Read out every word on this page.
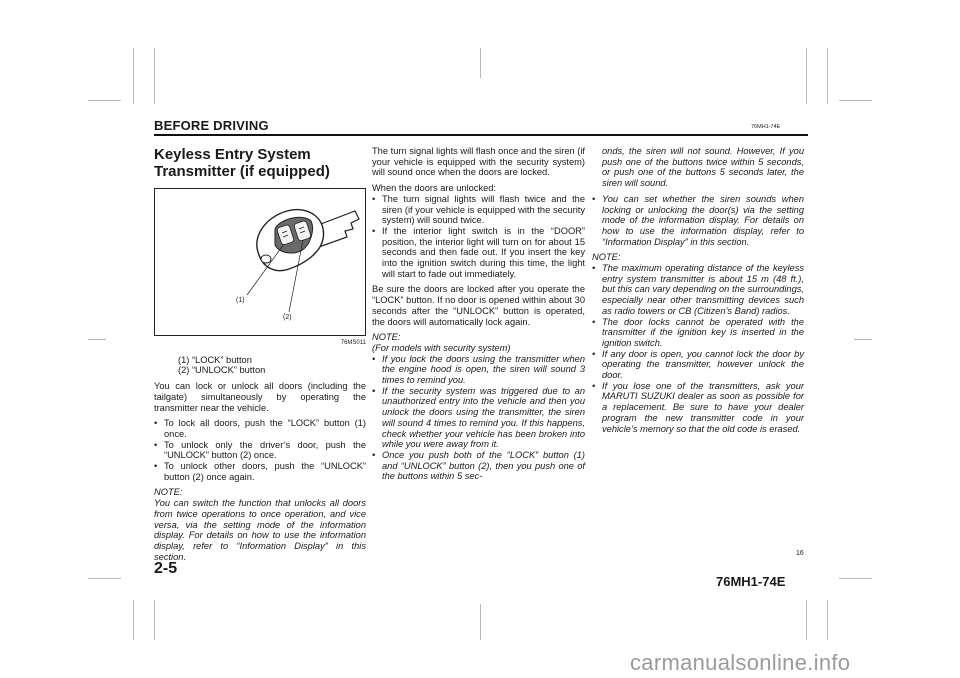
BEFORE DRIVING	76MH1-74E
Keyless Entry System
Transmitter (if equipped)
(1)
(2)
76MS011

(1) “LOCK” button

(2) “UNLOCK” button

You can lock or unlock all doors (including the tailgate) simultaneously by operating the transmitter near the vehicle.

• To lock all doors, push the “LOCK” button (1) once.
• To unlock only the driver’s door, push the “UNLOCK” button (2) once.
• To unlock other doors, push the “UNLOCK” button (2) once again.

NOTE:

You can switch the function that unlocks all doors from twice operations to once operation, and vice versa, via the setting mode of the information display. For details on how to use the information display, refer to “Information Display” in this section.

The turn signal lights will flash once and the siren (if your vehicle is equipped with the security system) will sound once when the doors are locked.

When the doors are unlocked:

• The turn signal lights will flash twice and the siren (if your vehicle is equipped with the security system) will sound twice.
• If the interior light switch is in the “DOOR” position, the interior light will turn on for about 15 seconds and then fade out. If you insert the key into the ignition switch during this time, the light will start to fade out immediately.

Be sure the doors are locked after you operate the “LOCK” button. If no door is opened within about 30 seconds after the “UNLOCK” button is operated, the doors will automatically lock again.

NOTE:

(For models with security system)

• If you lock the doors using the transmitter when the engine hood is open, the siren will sound 3 times to remind you.
• If the security system was triggered due to an unauthorized entry into the vehicle and then you unlock the doors using the transmitter, the siren will sound 4 times to remind you. If this happens, check whether your vehicle has been broken into while you were away from it.
• Once you push both of the “LOCK” button (1) and “UNLOCK” button (2), then you push one of the buttons within 5 sec-

onds, the siren will not sound. However, If you push one of the buttons twice within 5 seconds, or push one of the buttons 5 seconds later, the siren will sound.

• You can set whether the siren sounds when locking or unlocking the door(s) via the setting mode of the information display. For details on how to use the information display, refer to “Information Display” in this section.

NOTE:

• The maximum operating distance of the keyless entry system transmitter is about 15 m (48 ft.), but this can vary depending on the surroundings, especially near other transmitting devices such as radio towers or CB (Citizen’s Band) radios.
• The door locks cannot be operated with the transmitter if the ignition key is inserted in the ignition switch.
• If any door is open, you cannot lock the door by operating the transmitter, however unlock the door.
• If you lose one of the transmitters, ask your MARUTI SUZUKI dealer as soon as possible for a replacement. Be sure to have your dealer program the new transmitter code in your vehicle’s memory so that the old code is erased.
2-5
16
76MH1-74E
carmanualsonline.info
